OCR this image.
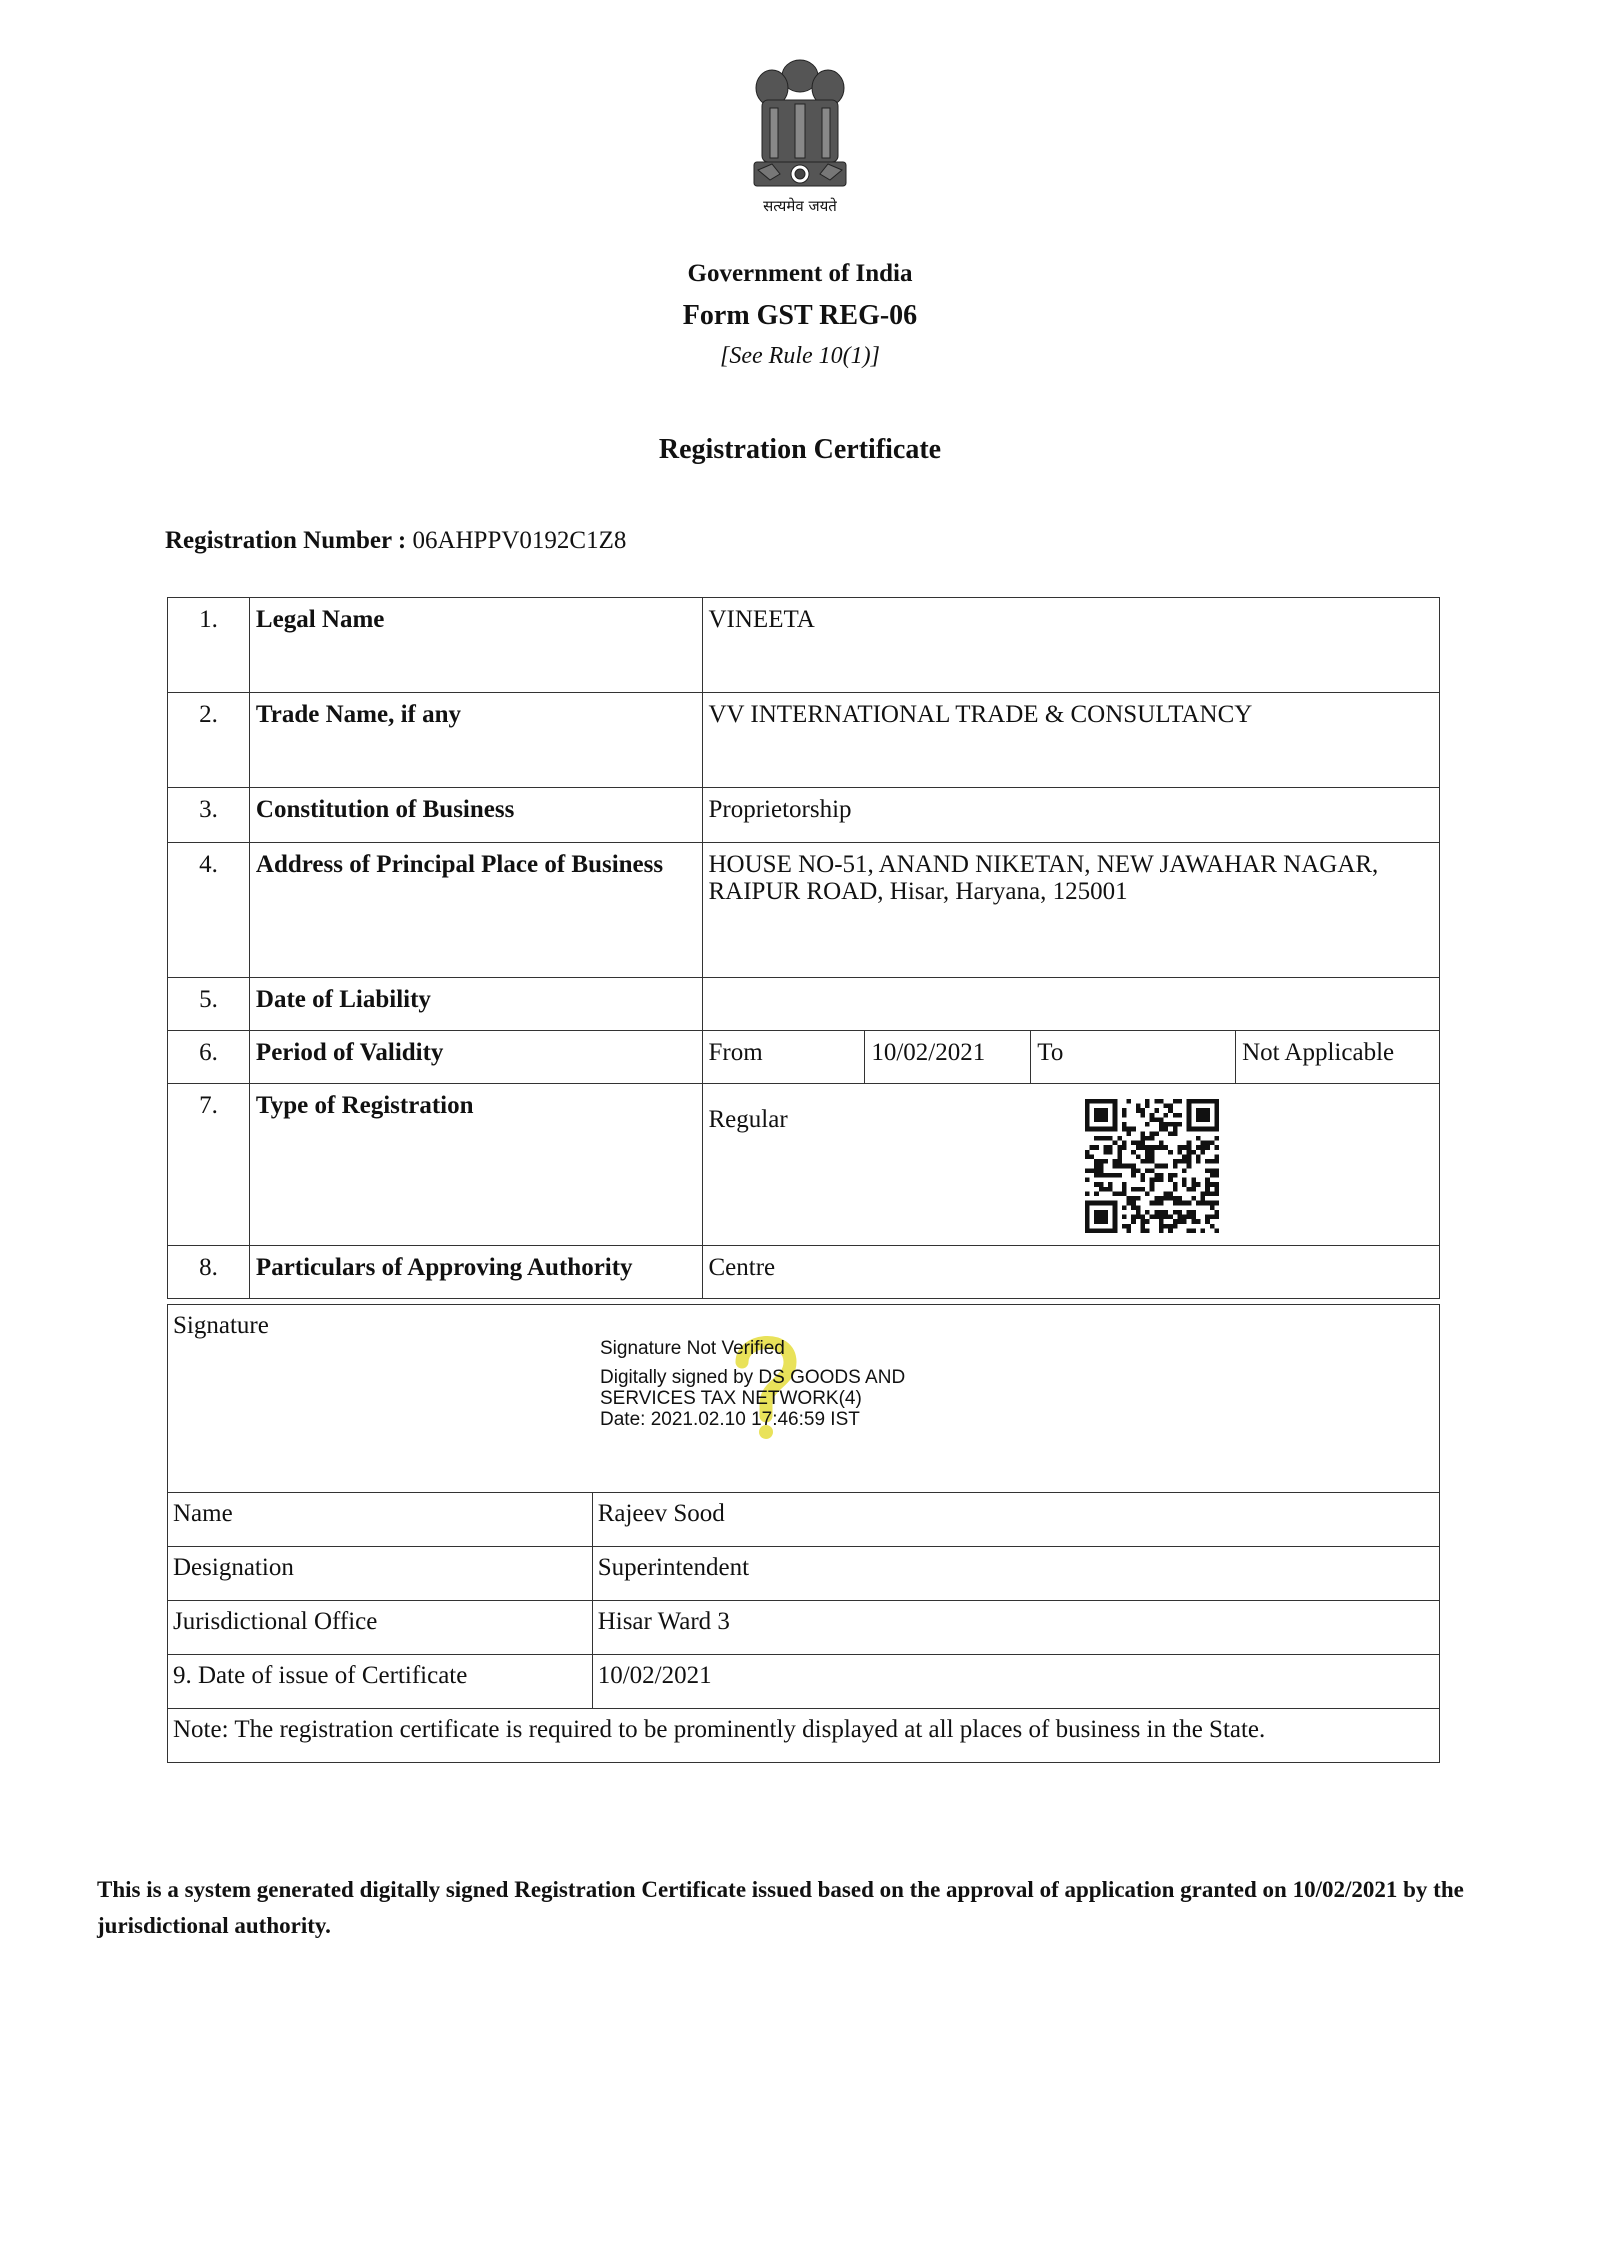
सत्यमेव जयते
Government of India
Form GST REG-06
[See Rule 10(1)]
Registration Certificate
Registration Number : 06AHPPV0192C1Z8
1.	Legal Name	VINEETA			
2.	Trade Name, if any	VV INTERNATIONAL TRADE & CONSULTANCY			
3.	Constitution of Business	Proprietorship			
4.	Address of Principal Place of Business	HOUSE NO-51, ANAND NIKETAN, NEW JAWAHAR NAGAR, RAIPUR ROAD, Hisar, Haryana, 125001			
5.	Date of Liability				
6.	Period of Validity	From	10/02/2021	To	Not Applicable
7.	Type of Registration	Regular			
8.	Particulars of Approving Authority	Centre			
Signature	
Name	Rajeev Sood
Designation	Superintendent
Jurisdictional Office	Hisar Ward 3
9. Date of issue of Certificate	10/02/2021
Note: The registration certificate is required to be prominently displayed at all places of business in the State.	
Signature Not Verified
Digitally signed by DS GOODS AND
SERVICES TAX NETWORK(4)
Date: 2021.02.10 17:46:59 IST
This is a system generated digitally signed Registration Certificate issued based on the approval of application granted on 10/02/2021 by the jurisdictional authority.
